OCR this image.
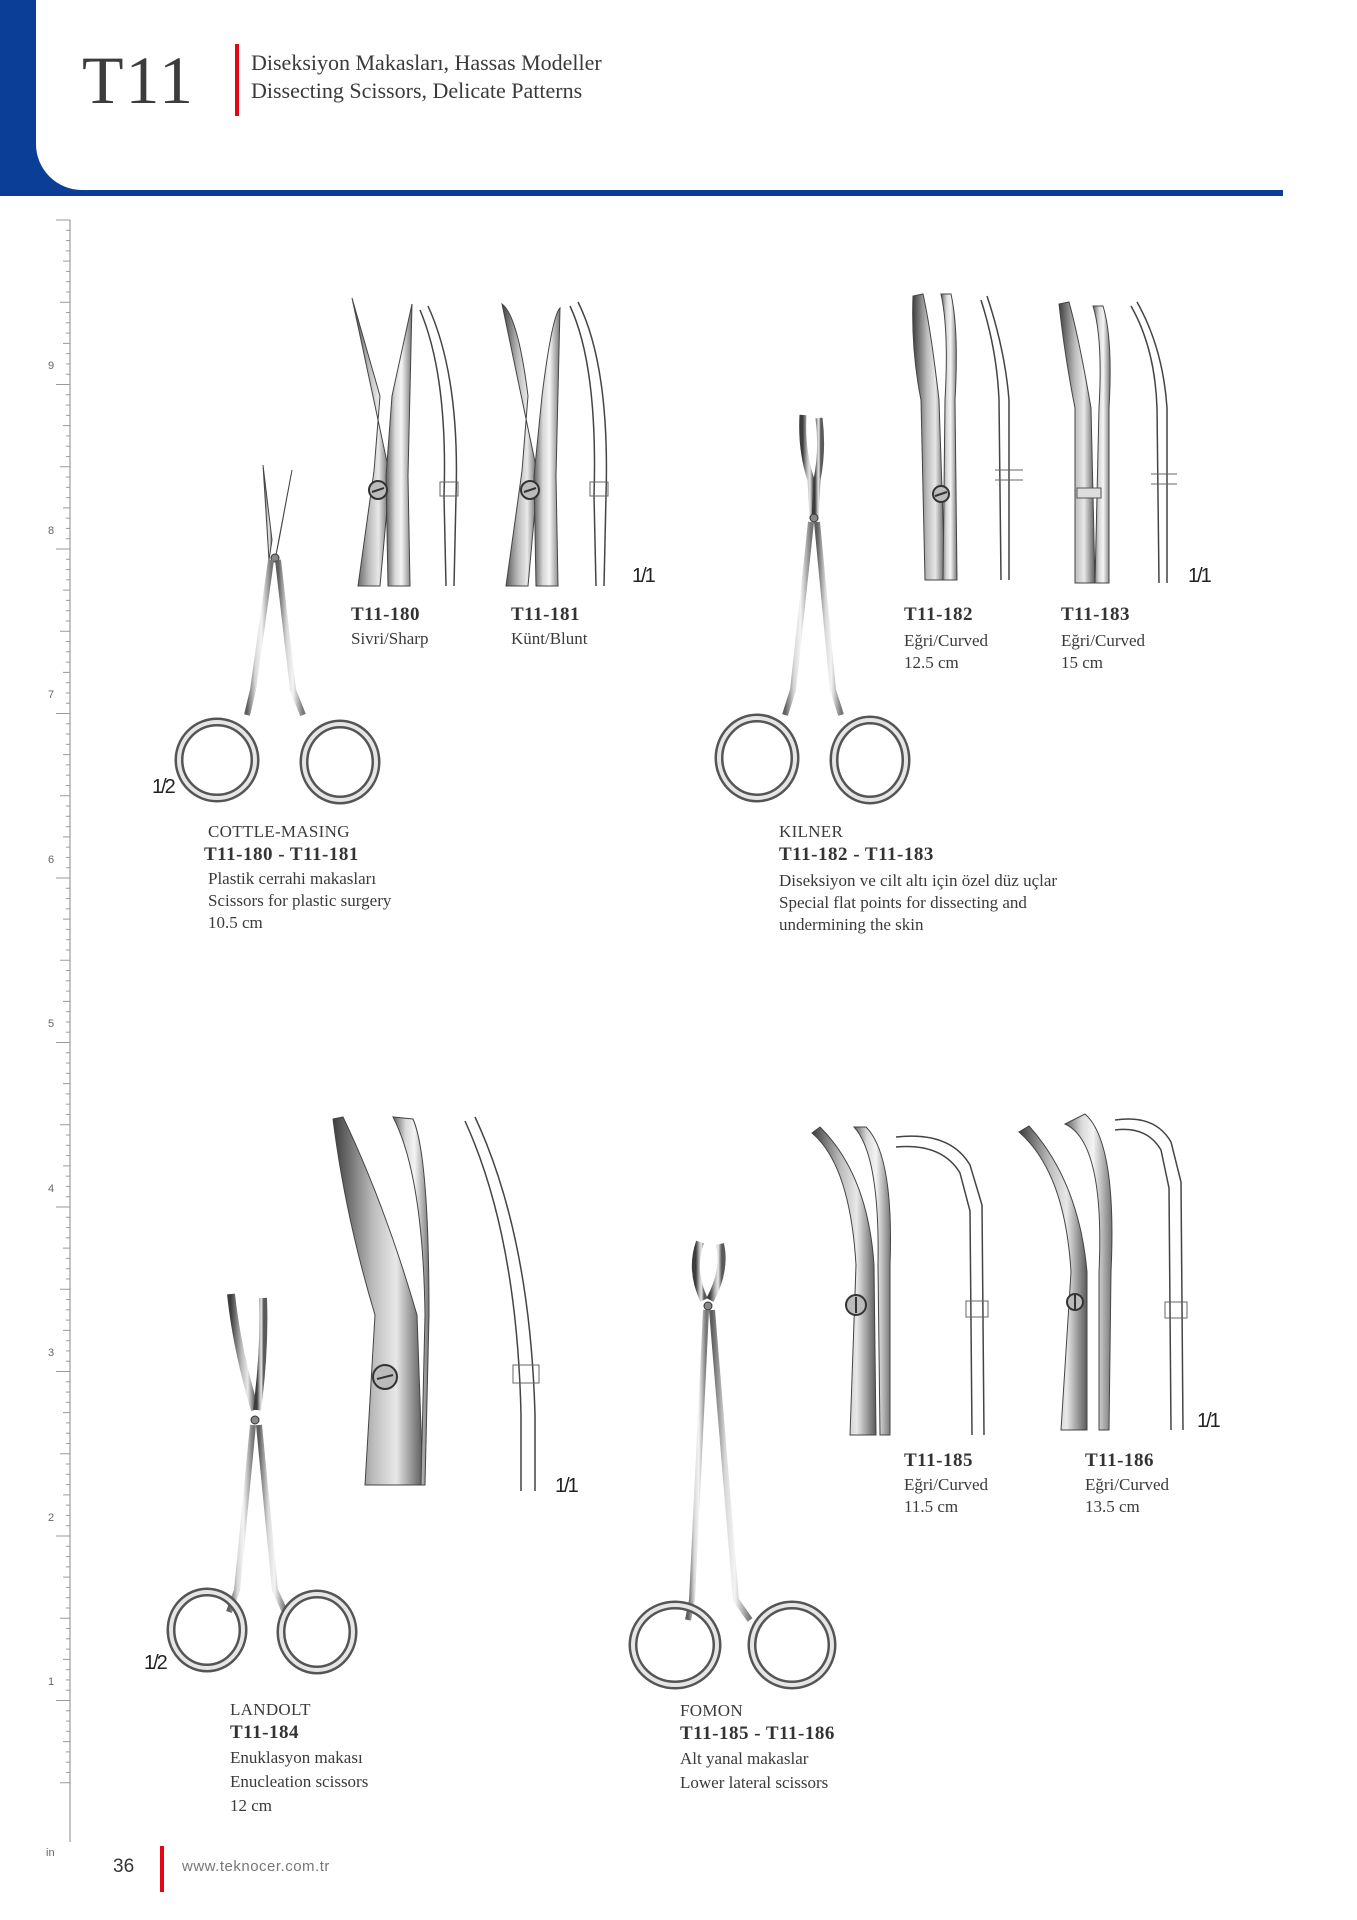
T11	Diseksiyon Makasları, Hassas Modeller
Dissecting Scissors, Delicate Patterns
9
8
7
6
5
4
3
2
1
in
1/1
1/2
1/1
1/1
1/2
1/1
T11-180
Sivri/Sharp
T11-181
Künt/Blunt
T11-182
Eğri/Curved
12.5 cm
T11-183
Eğri/Curved
15 cm
COTTLE-MASING
T11-180 - T11-181
Plastik cerrahi makasları
Scissors for plastic surgery
10.5 cm
KILNER
T11-182 - T11-183
Diseksiyon ve cilt altı için özel düz uçlar
Special flat points for dissecting and
undermining the skin
T11-185
Eğri/Curved
11.5 cm
T11-186
Eğri/Curved
13.5 cm
LANDOLT
T11-184
Enuklasyon makası
Enucleation scissors
12 cm
FOMON
T11-185 - T11-186
Alt yanal makaslar
Lower lateral scissors
36	www.teknocer.com.tr
